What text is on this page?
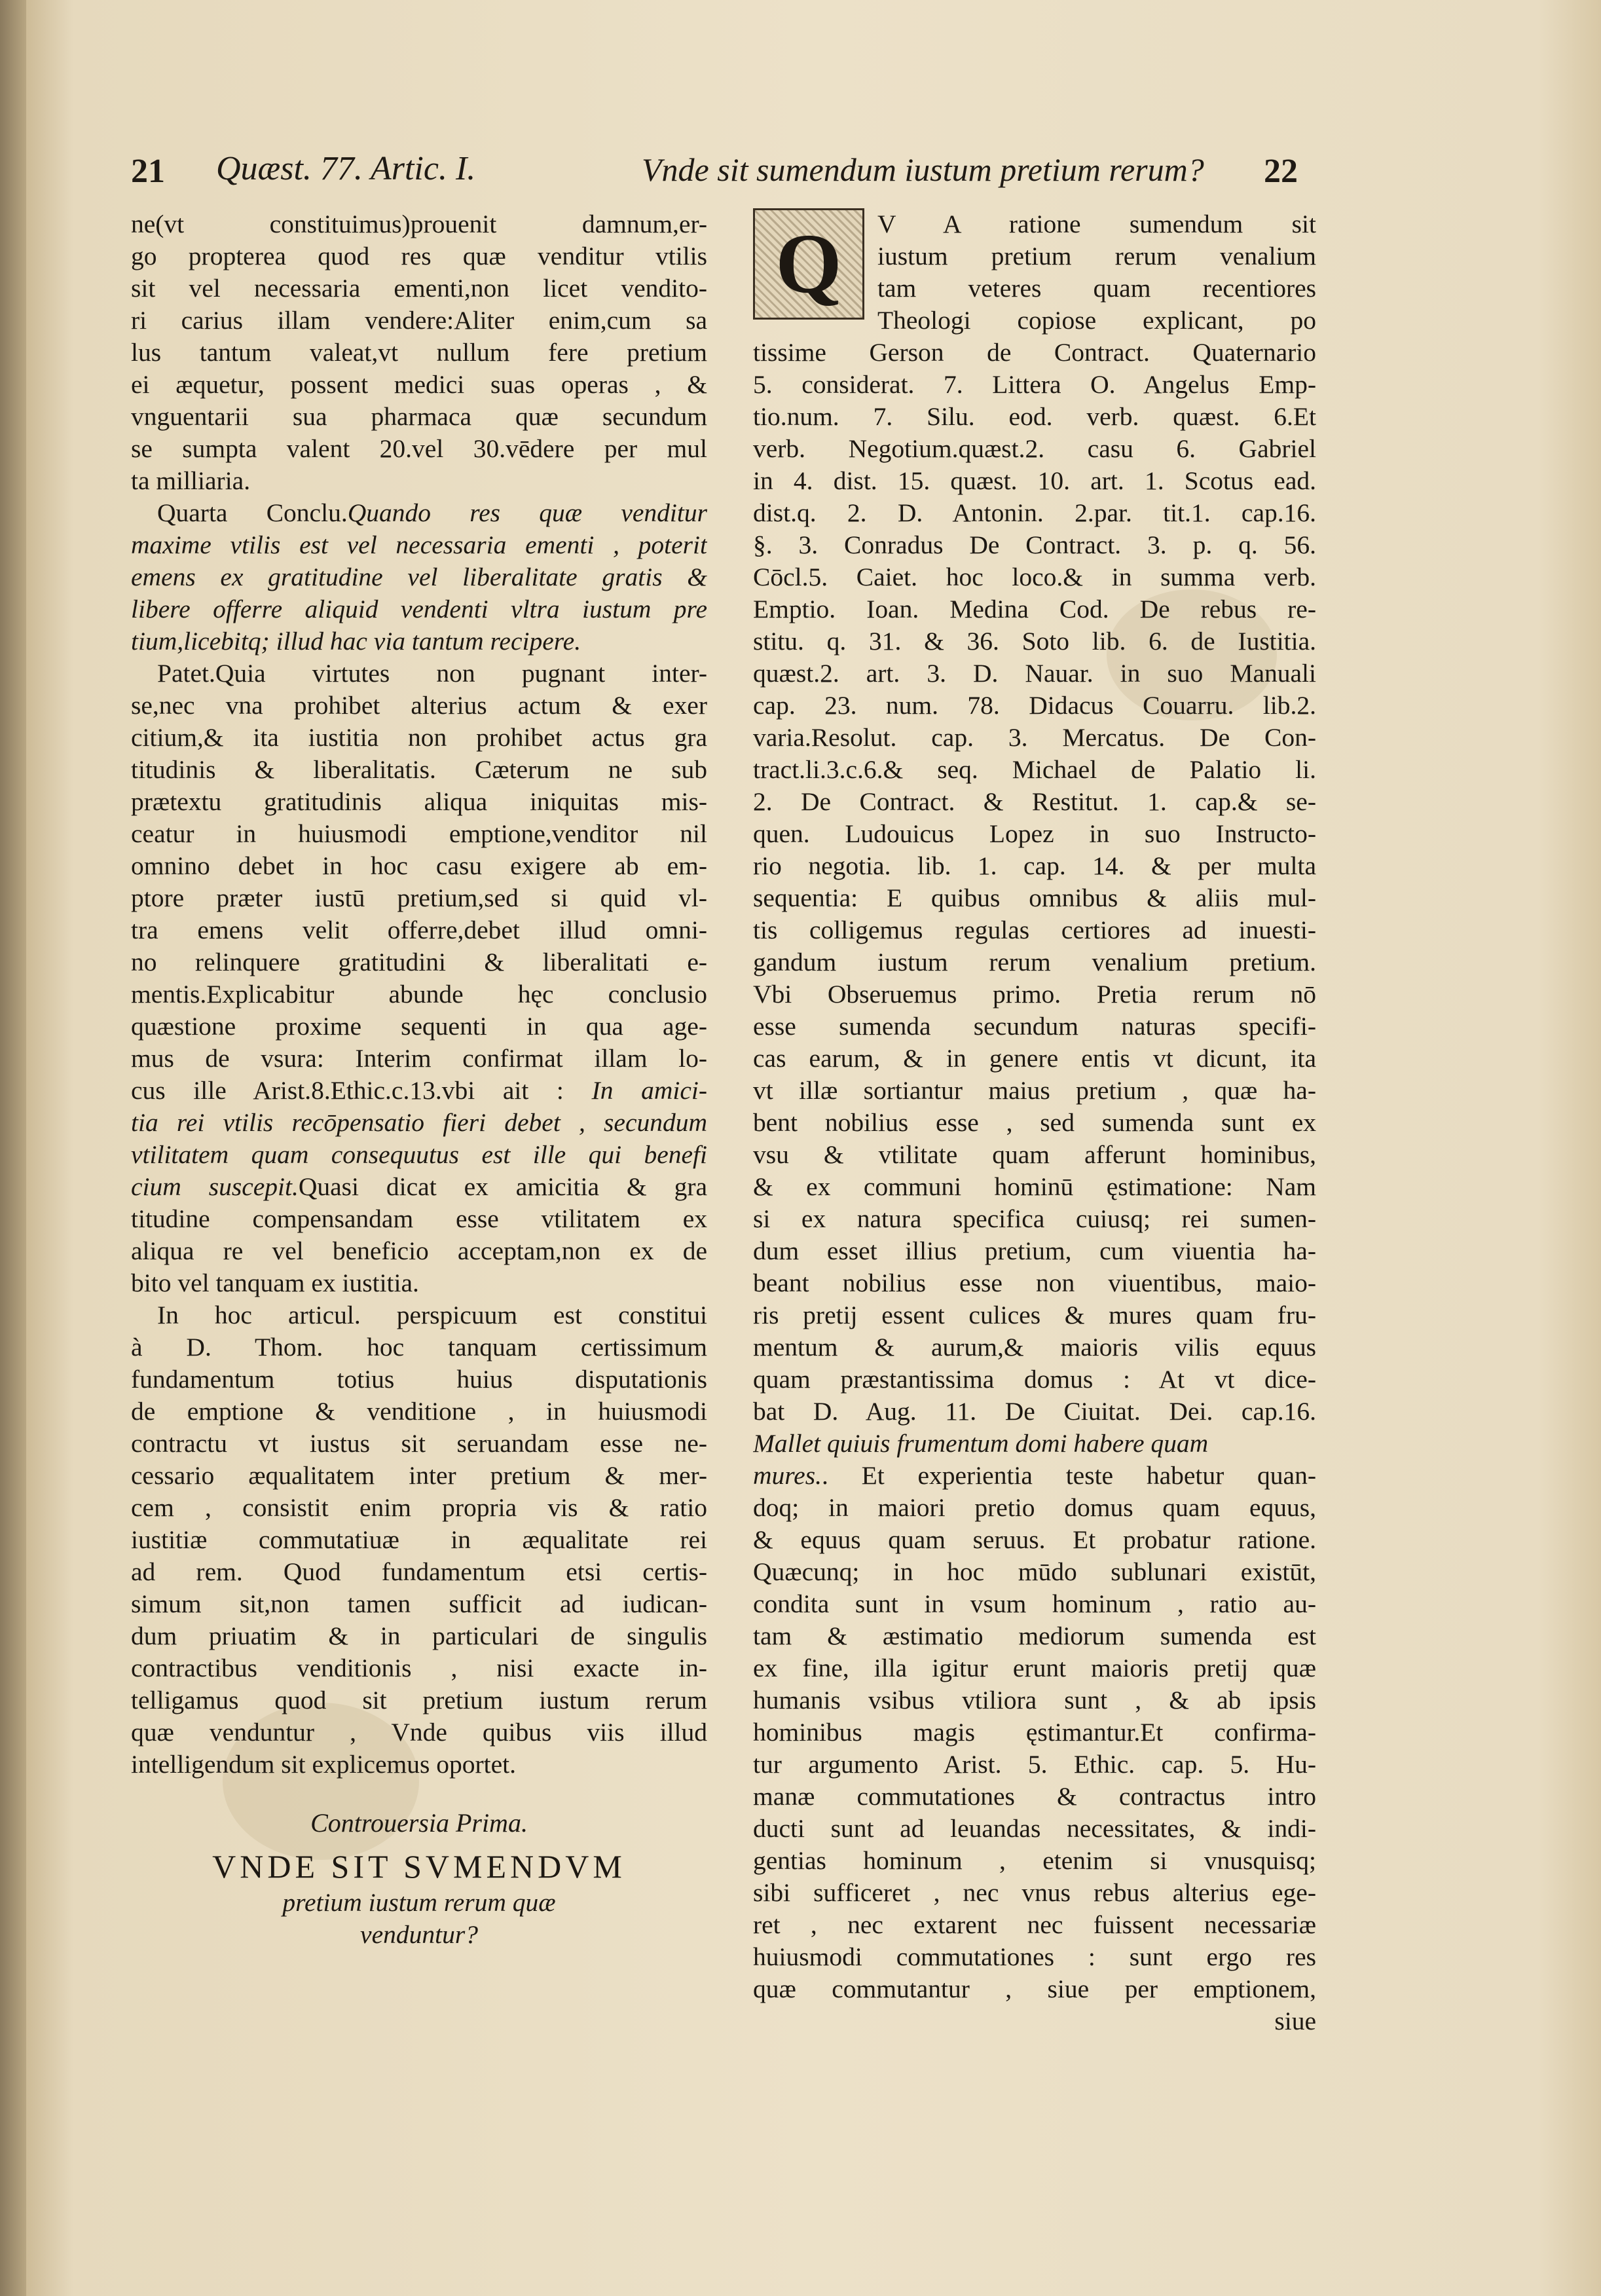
21 Quæst. 77. Artic. I.	Vnde sit sumendum iustum pretium rerum? 22
ne(vt constituimus)prouenit damnum,er-
go propterea quod res quæ venditur vtilis
sit vel necessaria ementi,non licet vendito-
ri carius illam vendere:Aliter enim,cum sa
lus tantum valeat,vt nullum fere pretium
ei æquetur, possent medici suas operas , &
vnguentarii sua pharmaca quæ secundum
se sumpta valent 20.vel 30.vēdere per mul
ta milliaria.
Quarta Conclu.Quando res quæ venditur
maxime vtilis est vel necessaria ementi , poterit
emens ex gratitudine vel liberalitate gratis &
libere offerre aliquid vendenti vltra iustum pre
tium,licebitq; illud hac via tantum recipere.
Patet.Quia virtutes non pugnant inter-
se,nec vna prohibet alterius actum & exer
citium,& ita iustitia non prohibet actus gra
titudinis & liberalitatis. Cæterum ne sub
prætextu gratitudinis aliqua iniquitas mis-
ceatur in huiusmodi emptione,venditor nil
omnino debet in hoc casu exigere ab em-
ptore præter iustū pretium,sed si quid vl-
tra emens velit offerre,debet illud omni-
no relinquere gratitudini & liberalitati e-
mentis.Explicabitur abunde hęc conclusio
quæstione proxime sequenti in qua age-
mus de vsura: Interim confirmat illam lo-
cus ille Arist.8.Ethic.c.13.vbi ait : In amici-
tia rei vtilis recōpensatio fieri debet , secundum
vtilitatem quam consequutus est ille qui benefi
cium suscepit.Quasi dicat ex amicitia & gra
titudine compensandam esse vtilitatem ex
aliqua re vel beneficio acceptam,non ex de
bito vel tanquam ex iustitia.
In hoc articul. perspicuum est constitui
à D. Thom. hoc tanquam certissimum
fundamentum totius huius disputationis
de emptione & venditione , in huiusmodi
contractu vt iustus sit seruandam esse ne-
cessario æqualitatem inter pretium & mer-
cem , consistit enim propria vis & ratio
iustitiæ commutatiuæ in æqualitate rei
ad rem. Quod fundamentum etsi certis-
simum sit,non tamen sufficit ad iudican-
dum priuatim & in particulari de singulis
contractibus venditionis , nisi exacte in-
telligamus quod sit pretium iustum rerum
quæ venduntur , Vnde quibus viis illud
intelligendum sit explicemus oportet.
Controuersia Prima.
VNDE SIT SVMENDVM
pretium iustum rerum quæ
venduntur?
Q	V A ratione sumendum sit
iustum pretium rerum venalium
tam veteres quam recentiores
Theologi copiose explicant, po
tissime Gerson de Contract. Quaternario
5. considerat. 7. Littera O. Angelus Emp-
tio.num. 7. Silu. eod. verb. quæst. 6.Et
verb. Negotium.quæst.2. casu 6. Gabriel
in 4. dist. 15. quæst. 10. art. 1. Scotus ead.
dist.q. 2. D. Antonin. 2.par. tit.1. cap.16.
§. 3. Conradus De Contract. 3. p. q. 56.
Cōcl.5. Caiet. hoc loco.& in summa verb.
Emptio. Ioan. Medina Cod. De rebus re-
stitu. q. 31. & 36. Soto lib. 6. de Iustitia.
quæst.2. art. 3. D. Nauar. in suo Manuali
cap. 23. num. 78. Didacus Couarru. lib.2.
varia.Resolut. cap. 3. Mercatus. De Con-
tract.li.3.c.6.& seq. Michael de Palatio li.
2. De Contract. & Restitut. 1. cap.& se-
quen. Ludouicus Lopez in suo Instructo-
rio negotia. lib. 1. cap. 14. & per multa
sequentia: E quibus omnibus & aliis mul-
tis colligemus regulas certiores ad inuesti-
gandum iustum rerum venalium pretium.
Vbi Obseruemus primo. Pretia rerum nō
esse sumenda secundum naturas specifi-
cas earum, & in genere entis vt dicunt, ita
vt illæ sortiantur maius pretium , quæ ha-
bent nobilius esse , sed sumenda sunt ex
vsu & vtilitate quam afferunt hominibus,
& ex communi hominū ęstimatione: Nam
si ex natura specifica cuiusq; rei sumen-
dum esset illius pretium, cum viuentia ha-
beant nobilius esse non viuentibus, maio-
ris pretij essent culices & mures quam fru-
mentum & aurum,& maioris vilis equus
quam præstantissima domus : At vt dice-
bat D. Aug. 11. De Ciuitat. Dei. cap.16.
Mallet quiuis frumentum domi habere quam
mures.. Et experientia teste habetur quan-
doq; in maiori pretio domus quam equus,
& equus quam seruus. Et probatur ratione.
Quæcunq; in hoc mūdo sublunari existūt,
condita sunt in vsum hominum , ratio au-
tam & æstimatio mediorum sumenda est
ex fine, illa igitur erunt maioris pretij quæ
humanis vsibus vtiliora sunt , & ab ipsis
hominibus magis ęstimantur.Et confirma-
tur argumento Arist. 5. Ethic. cap. 5. Hu-
manæ commutationes & contractus intro
ducti sunt ad leuandas necessitates, & indi-
gentias hominum , etenim si vnusquisq;
sibi sufficeret , nec vnus rebus alterius ege-
ret , nec extarent nec fuissent necessariæ
huiusmodi commutationes : sunt ergo res
quæ commutantur , siue per emptionem,
siue
